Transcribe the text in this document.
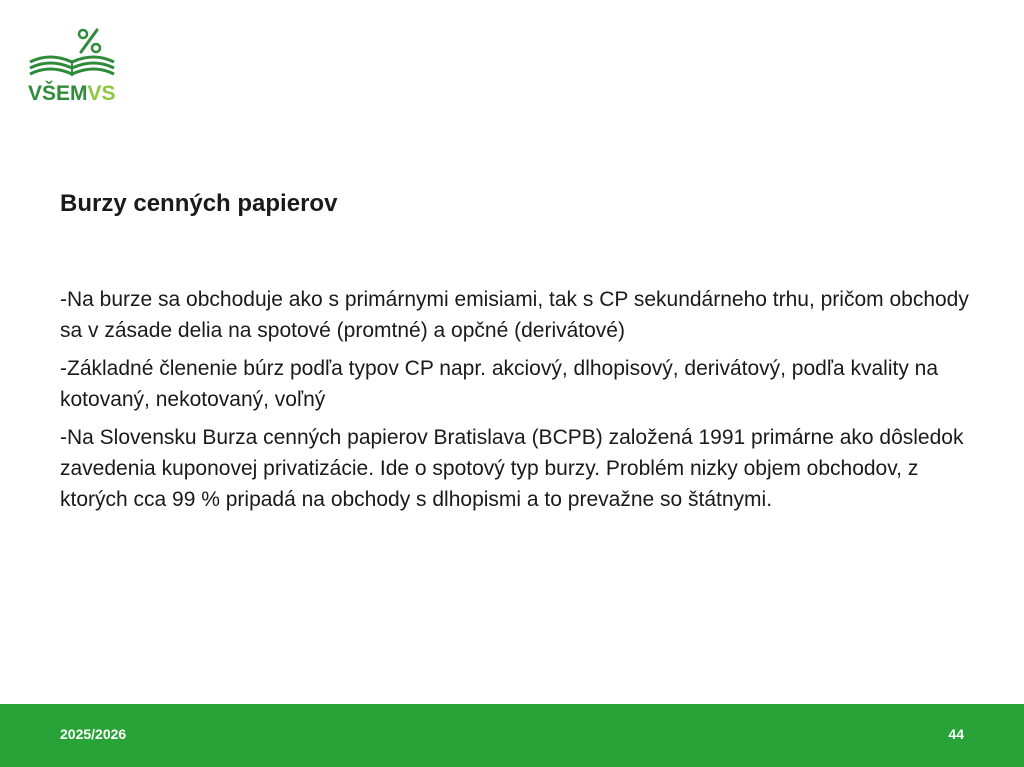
VŠEMVS
Burzy cenných papierov

-Na burze sa obchoduje ako s primárnymi emisiami, tak s CP sekundárneho trhu, pričom obchody sa v zásade delia na spotové (promtné) a opčné (derivátové)

-Základné členenie búrz podľa typov CP napr. akciový, dlhopisový, derivátový, podľa kvality na kotovaný, nekotovaný, voľný

-Na Slovensku Burza cenných papierov Bratislava (BCPB) založená 1991 primárne ako dôsledok zavedenia kuponovej privatizácie. Ide o spotový typ burzy. Problém nizky objem obchodov, z ktorých cca 99 % pripadá na obchody s dlhopismi a to prevažne so štátnymi.

2025/2026	44
